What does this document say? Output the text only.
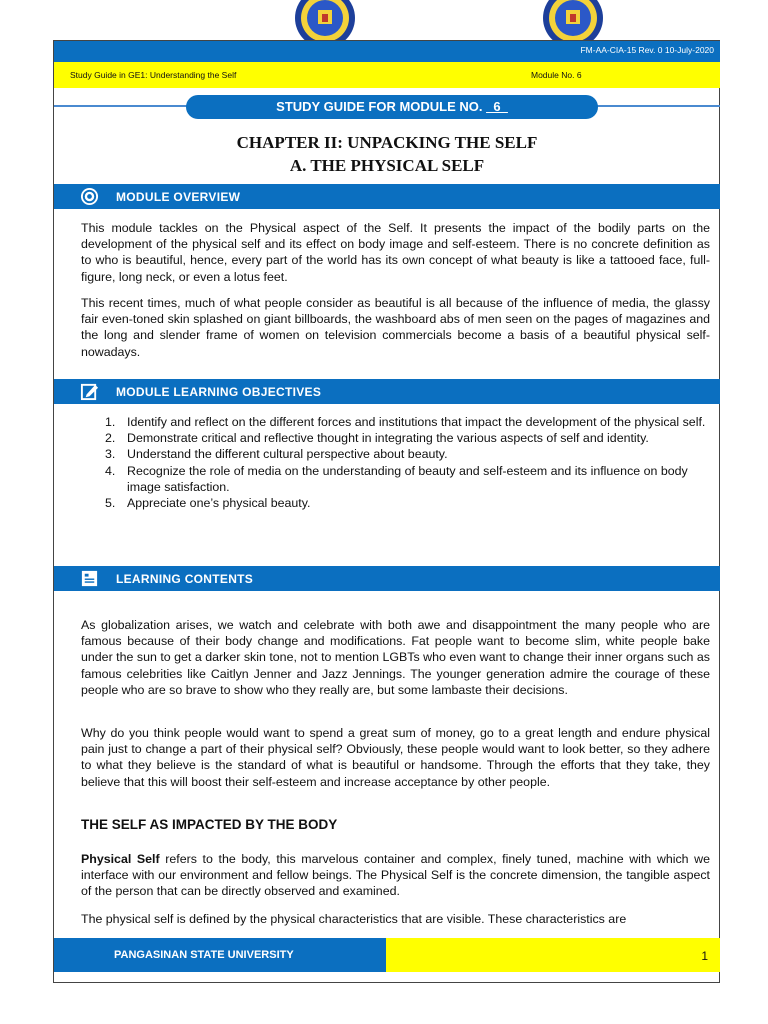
FM-AA-CIA-15 Rev. 0 10-July-2020
Study Guide in GE1: Understanding the Self	Module No. 6
STUDY GUIDE FOR MODULE NO. _6_
CHAPTER II: UNPACKING THE SELF
A. THE PHYSICAL SELF
MODULE OVERVIEW
This module tackles on the Physical aspect of the Self. It presents the impact of the bodily parts on the development of the physical self and its effect on body image and self-esteem. There is no concrete definition as to who is beautiful, hence, every part of the world has its own concept of what beauty is like a tattooed face, full-figure, long neck, or even a lotus feet.
This recent times, much of what people consider as beautiful is all because of the influence of media, the glassy fair even-toned skin splashed on giant billboards, the washboard abs of men seen on the pages of magazines and the long and slender frame of women on television commercials become a basis of a beautiful physical self-nowadays.
MODULE LEARNING OBJECTIVES
1. Identify and reflect on the different forces and institutions that impact the development of the physical self.
2. Demonstrate critical and reflective thought in integrating the various aspects of self and identity.
3. Understand the different cultural perspective about beauty.
4. Recognize the role of media on the understanding of beauty and self-esteem and its influence on body image satisfaction.
5. Appreciate one’s physical beauty.
LEARNING CONTENTS
As globalization arises, we watch and celebrate with both awe and disappointment the many people who are famous because of their body change and modifications. Fat people want to become slim, white people bake under the sun to get a darker skin tone, not to mention LGBTs who even want to change their inner organs such as famous celebrities like Caitlyn Jenner and Jazz Jennings. The younger generation admire the courage of these people who are so brave to show who they really are, but some lambaste their decisions.
Why do you think people would want to spend a great sum of money, go to a great length and endure physical pain just to change a part of their physical self? Obviously, these people would want to look better, so they adhere to what they believe is the standard of what is beautiful or handsome. Through the efforts that they take, they believe that this will boost their self-esteem and increase acceptance by other people.
THE SELF AS IMPACTED BY THE BODY
Physical Self refers to the body, this marvelous container and complex, finely tuned, machine with which we interface with our environment and fellow beings. The Physical Self is the concrete dimension, the tangible aspect of the person that can be directly observed and examined.
The physical self is defined by the physical characteristics that are visible. These characteristics are
PANGASINAN STATE UNIVERSITY	1
